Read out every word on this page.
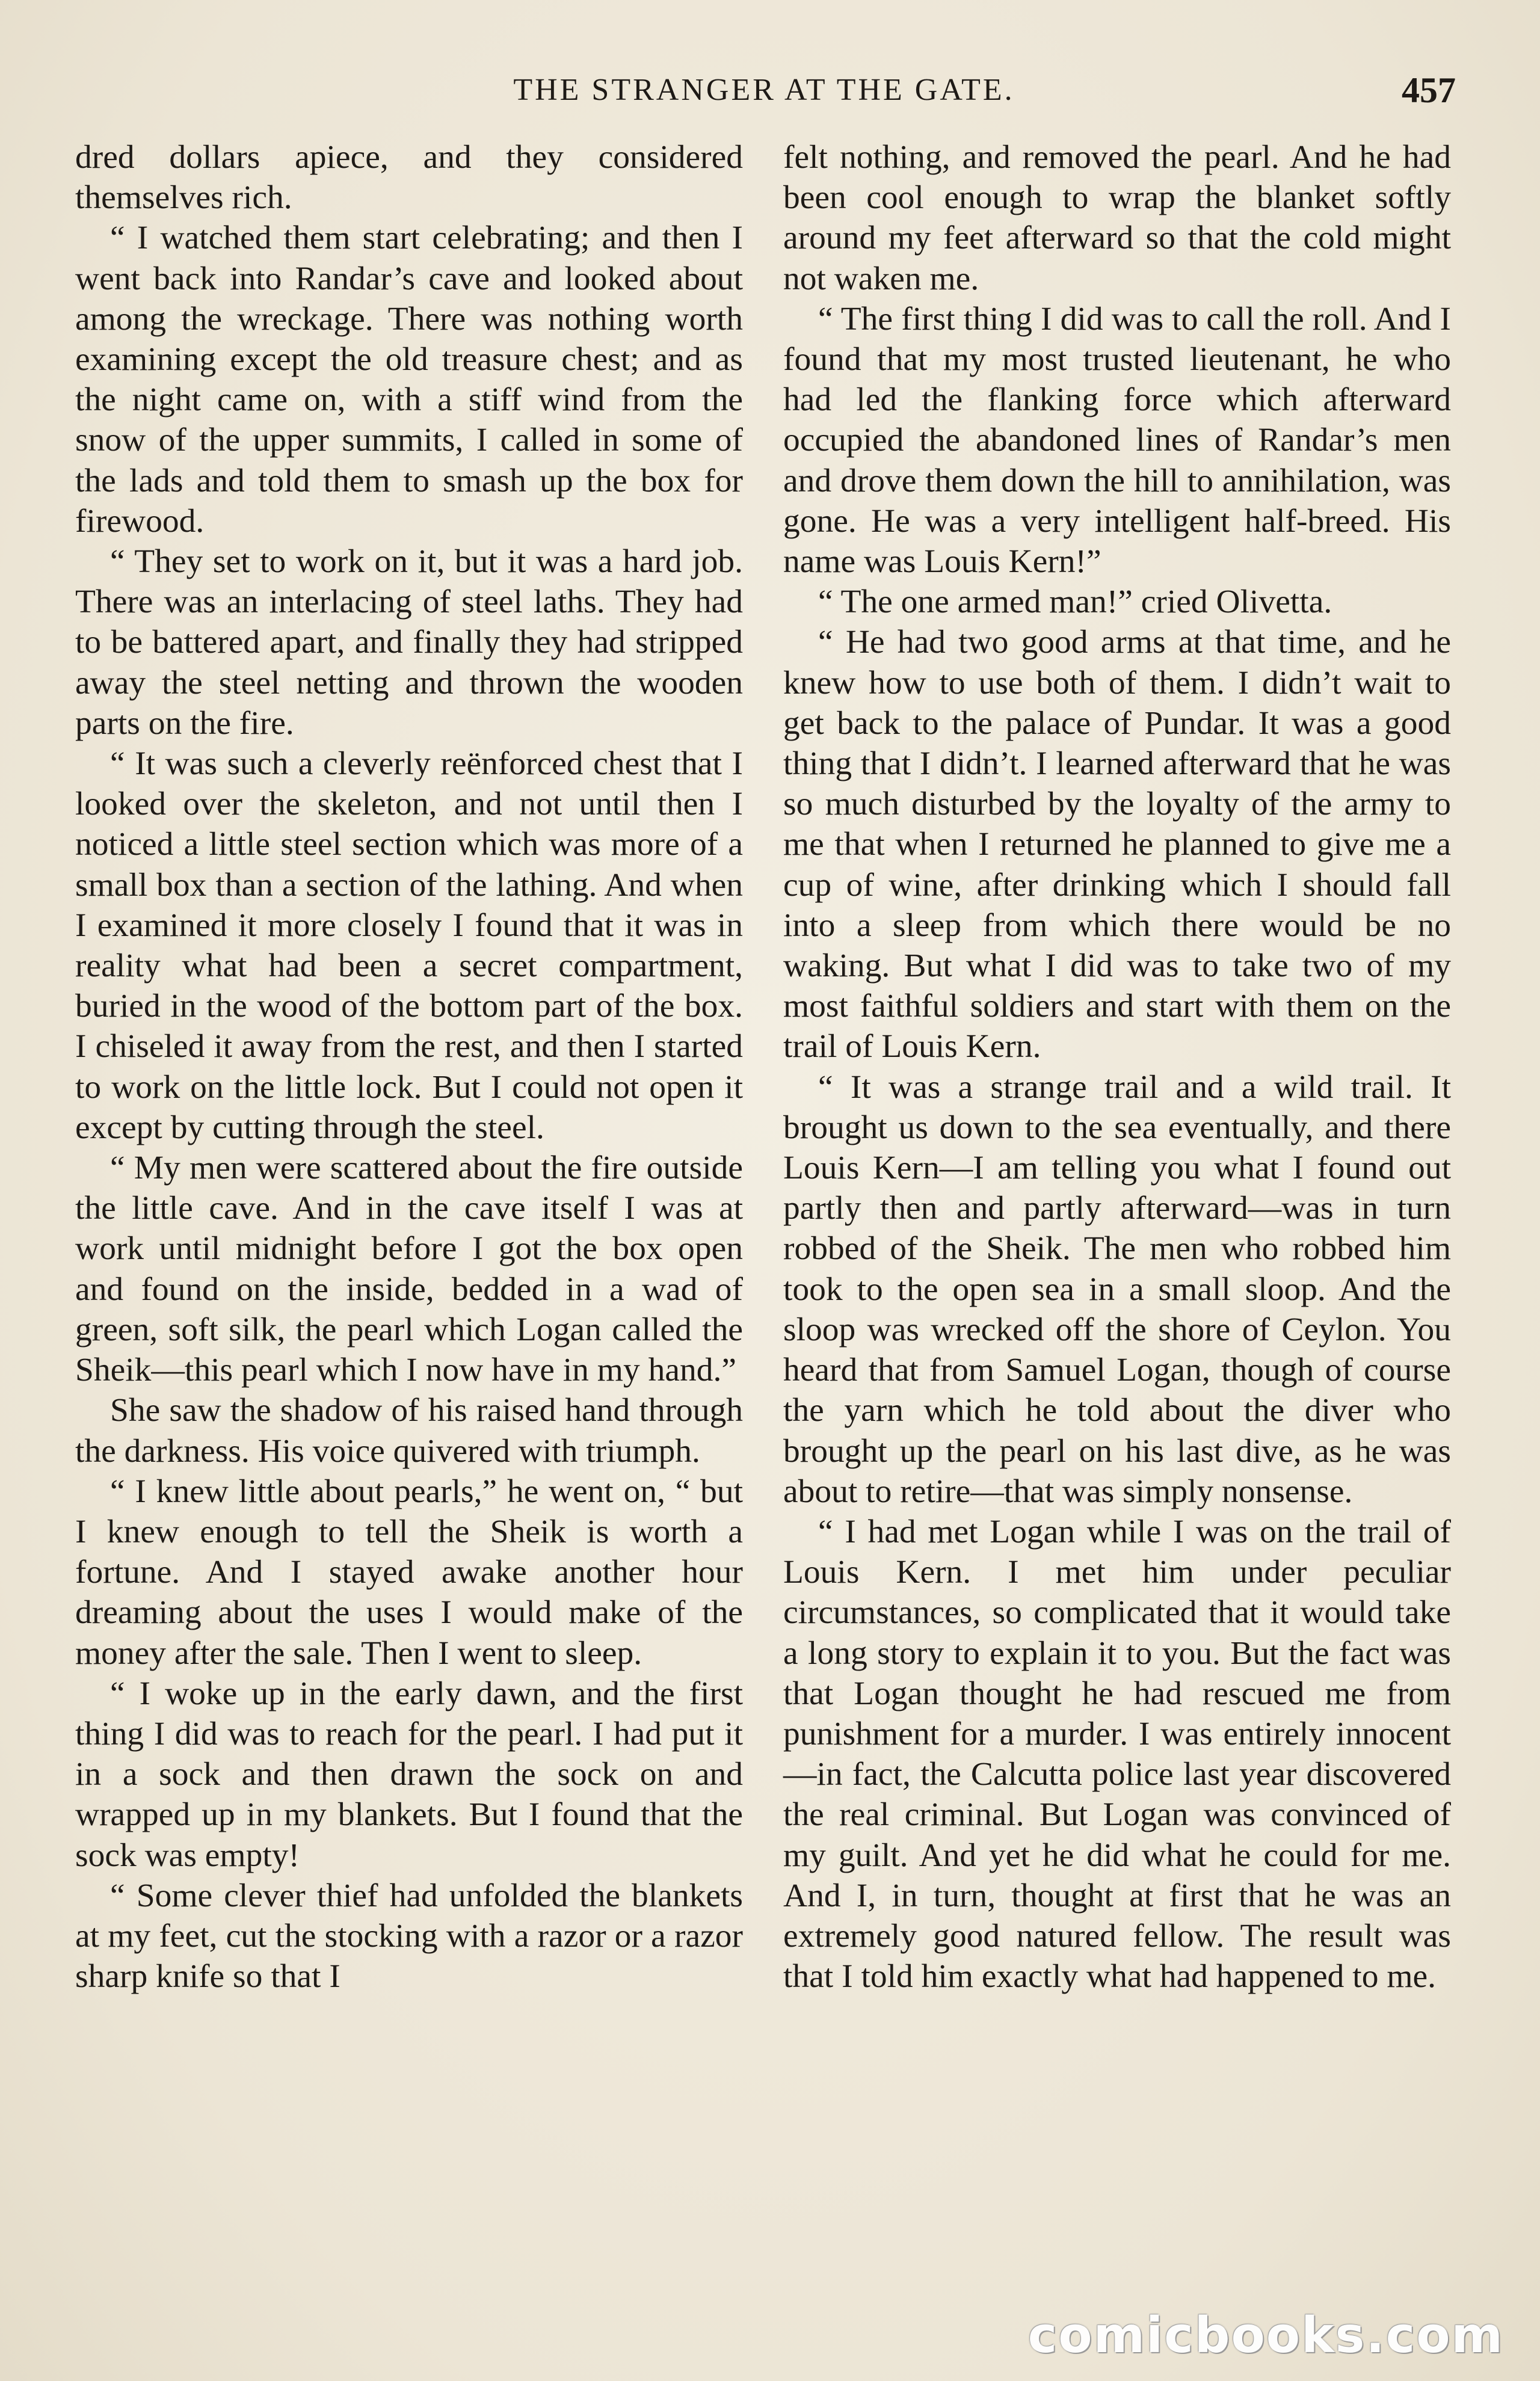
THE STRANGER AT THE GATE.	457

dred dollars apiece, and they considered themselves rich.

“ I watched them start celebrating; and then I went back into Randar’s cave and looked about among the wreckage. There was nothing worth examining except the old treasure chest; and as the night came on, with a stiff wind from the snow of the upper summits, I called in some of the lads and told them to smash up the box for firewood.

“ They set to work on it, but it was a hard job. There was an interlacing of steel laths. They had to be battered apart, and finally they had stripped away the steel netting and thrown the wooden parts on the fire.

“ It was such a cleverly reënforced chest that I looked over the skeleton, and not until then I noticed a little steel section which was more of a small box than a section of the lathing. And when I examined it more closely I found that it was in reality what had been a secret compartment, buried in the wood of the bottom part of the box. I chiseled it away from the rest, and then I started to work on the little lock. But I could not open it except by cutting through the steel.

“ My men were scattered about the fire outside the little cave. And in the cave itself I was at work until midnight before I got the box open and found on the inside, bedded in a wad of green, soft silk, the pearl which Logan called the Sheik—this pearl which I now have in my hand.”

She saw the shadow of his raised hand through the darkness. His voice quivered with triumph.

“ I knew little about pearls,” he went on, “ but I knew enough to tell the Sheik is worth a fortune. And I stayed awake another hour dreaming about the uses I would make of the money after the sale. Then I went to sleep.

“ I woke up in the early dawn, and the first thing I did was to reach for the pearl. I had put it in a sock and then drawn the sock on and wrapped up in my blankets. But I found that the sock was empty!

“ Some clever thief had unfolded the blankets at my feet, cut the stocking with a razor or a razor sharp knife so that I

felt nothing, and removed the pearl. And he had been cool enough to wrap the blanket softly around my feet afterward so that the cold might not waken me.

“ The first thing I did was to call the roll. And I found that my most trusted lieutenant, he who had led the flanking force which afterward occupied the abandoned lines of Randar’s men and drove them down the hill to annihilation, was gone. He was a very intelligent half-breed. His name was Louis Kern!”

“ The one armed man!” cried Olivetta.

“ He had two good arms at that time, and he knew how to use both of them. I didn’t wait to get back to the palace of Pundar. It was a good thing that I didn’t. I learned afterward that he was so much disturbed by the loyalty of the army to me that when I returned he planned to give me a cup of wine, after drinking which I should fall into a sleep from which there would be no waking. But what I did was to take two of my most faithful soldiers and start with them on the trail of Louis Kern.

“ It was a strange trail and a wild trail. It brought us down to the sea eventually, and there Louis Kern—I am telling you what I found out partly then and partly afterward—was in turn robbed of the Sheik. The men who robbed him took to the open sea in a small sloop. And the sloop was wrecked off the shore of Ceylon. You heard that from Samuel Logan, though of course the yarn which he told about the diver who brought up the pearl on his last dive, as he was about to retire—that was simply nonsense.

“ I had met Logan while I was on the trail of Louis Kern. I met him under peculiar circumstances, so complicated that it would take a long story to explain it to you. But the fact was that Logan thought he had rescued me from punishment for a murder. I was entirely innocent—in fact, the Calcutta police last year discovered the real criminal. But Logan was convinced of my guilt. And yet he did what he could for me. And I, in turn, thought at first that he was an extremely good natured fellow. The result was that I told him exactly what had happened to me.

comicbooks.com
